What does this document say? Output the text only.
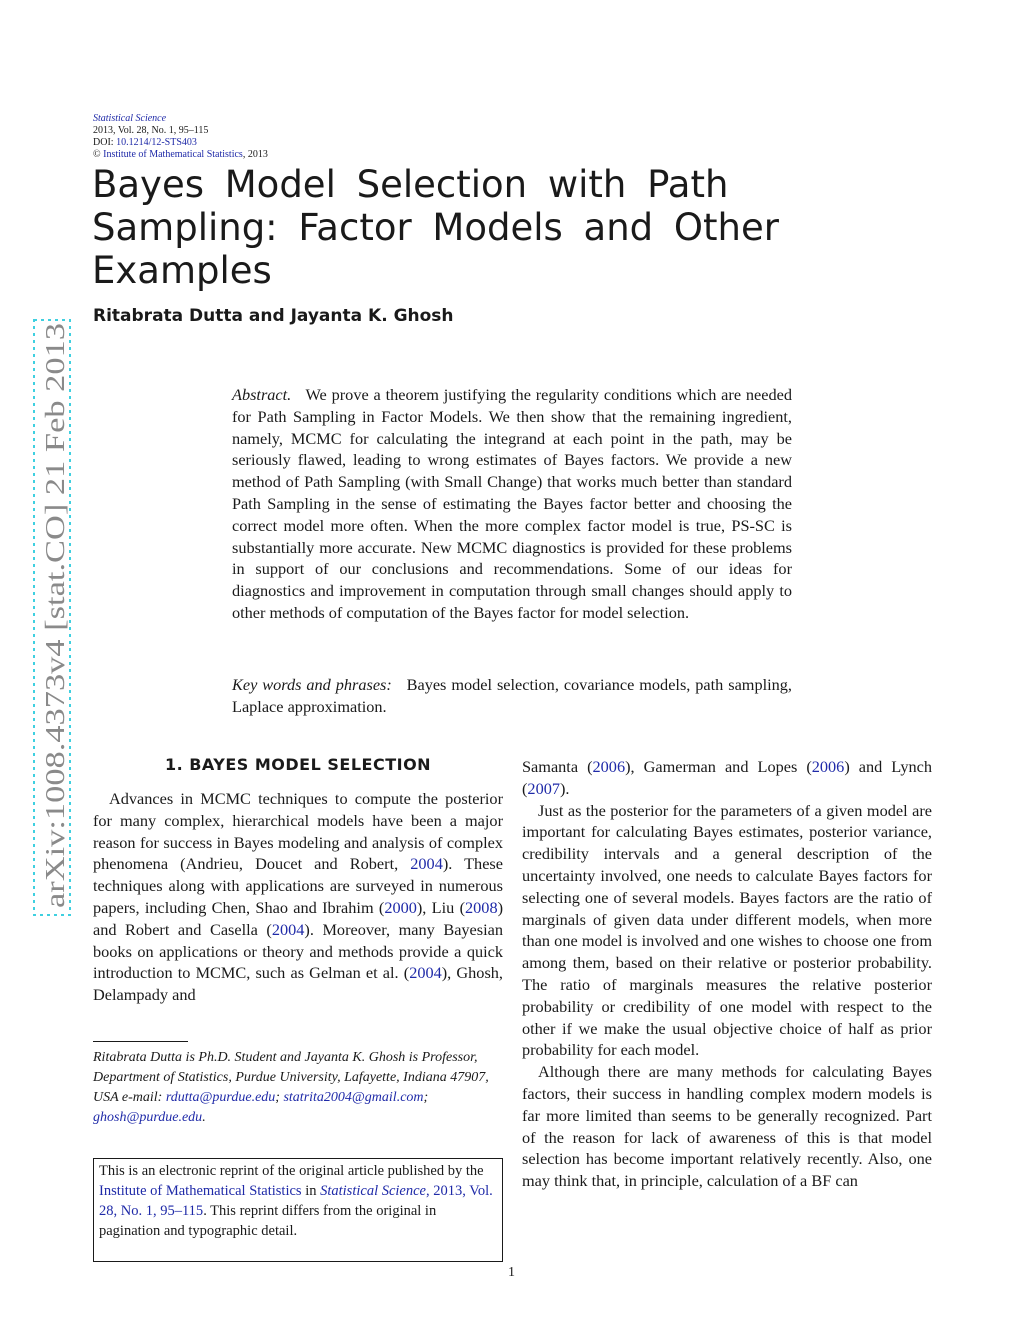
arXiv:1008.4373v4 [stat.CO] 21 Feb 2013
Statistical Science
2013, Vol. 28, No. 1, 95–115
DOI: 10.1214/12-STS403
© Institute of Mathematical Statistics, 2013
Bayes Model Selection with Path Sampling: Factor Models and Other Examples
Ritabrata Dutta and Jayanta K. Ghosh
Abstract. We prove a theorem justifying the regularity conditions which are needed for Path Sampling in Factor Models. We then show that the remaining ingredient, namely, MCMC for calculating the integrand at each point in the path, may be seriously flawed, leading to wrong estimates of Bayes factors. We provide a new method of Path Sampling (with Small Change) that works much better than standard Path Sampling in the sense of estimating the Bayes factor better and choosing the correct model more often. When the more complex factor model is true, PS-SC is substantially more accurate. New MCMC diagnostics is provided for these problems in support of our conclusions and recommendations. Some of our ideas for diagnostics and improvement in computation through small changes should apply to other methods of computation of the Bayes factor for model selection.
Key words and phrases: Bayes model selection, covariance models, path sampling, Laplace approximation.
1. BAYES MODEL SELECTION

Advances in MCMC techniques to compute the posterior for many complex, hierarchical models have been a major reason for success in Bayes modeling and analysis of complex phenomena (Andrieu, Doucet and Robert, 2004). These techniques along with applications are surveyed in numerous papers, including Chen, Shao and Ibrahim (2000), Liu (2008) and Robert and Casella (2004). Moreover, many Bayesian books on applications or theory and methods provide a quick introduction to MCMC, such as Gelman et al. (2004), Ghosh, Delampady and

Ritabrata Dutta is Ph.D. Student and Jayanta K. Ghosh is Professor, Department of Statistics, Purdue University, Lafayette, Indiana 47907, USA e-mail: rdutta@purdue.edu; statrita2004@gmail.com; ghosh@purdue.edu.
This is an electronic reprint of the original article published by the Institute of Mathematical Statistics in Statistical Science, 2013, Vol. 28, No. 1, 95–115. This reprint differs from the original in pagination and typographic detail.

Samanta (2006), Gamerman and Lopes (2006) and Lynch (2007).

Just as the posterior for the parameters of a given model are important for calculating Bayes estimates, posterior variance, credibility intervals and a general description of the uncertainty involved, one needs to calculate Bayes factors for selecting one of several models. Bayes factors are the ratio of marginals of given data under different models, when more than one model is involved and one wishes to choose one from among them, based on their relative or posterior probability. The ratio of marginals measures the relative posterior probability or credibility of one model with respect to the other if we make the usual objective choice of half as prior probability for each model.

Although there are many methods for calculating Bayes factors, their success in handling complex modern models is far more limited than seems to be generally recognized. Part of the reason for lack of awareness of this is that model selection has become important relatively recently. Also, one may think that, in principle, calculation of a BF can

1
